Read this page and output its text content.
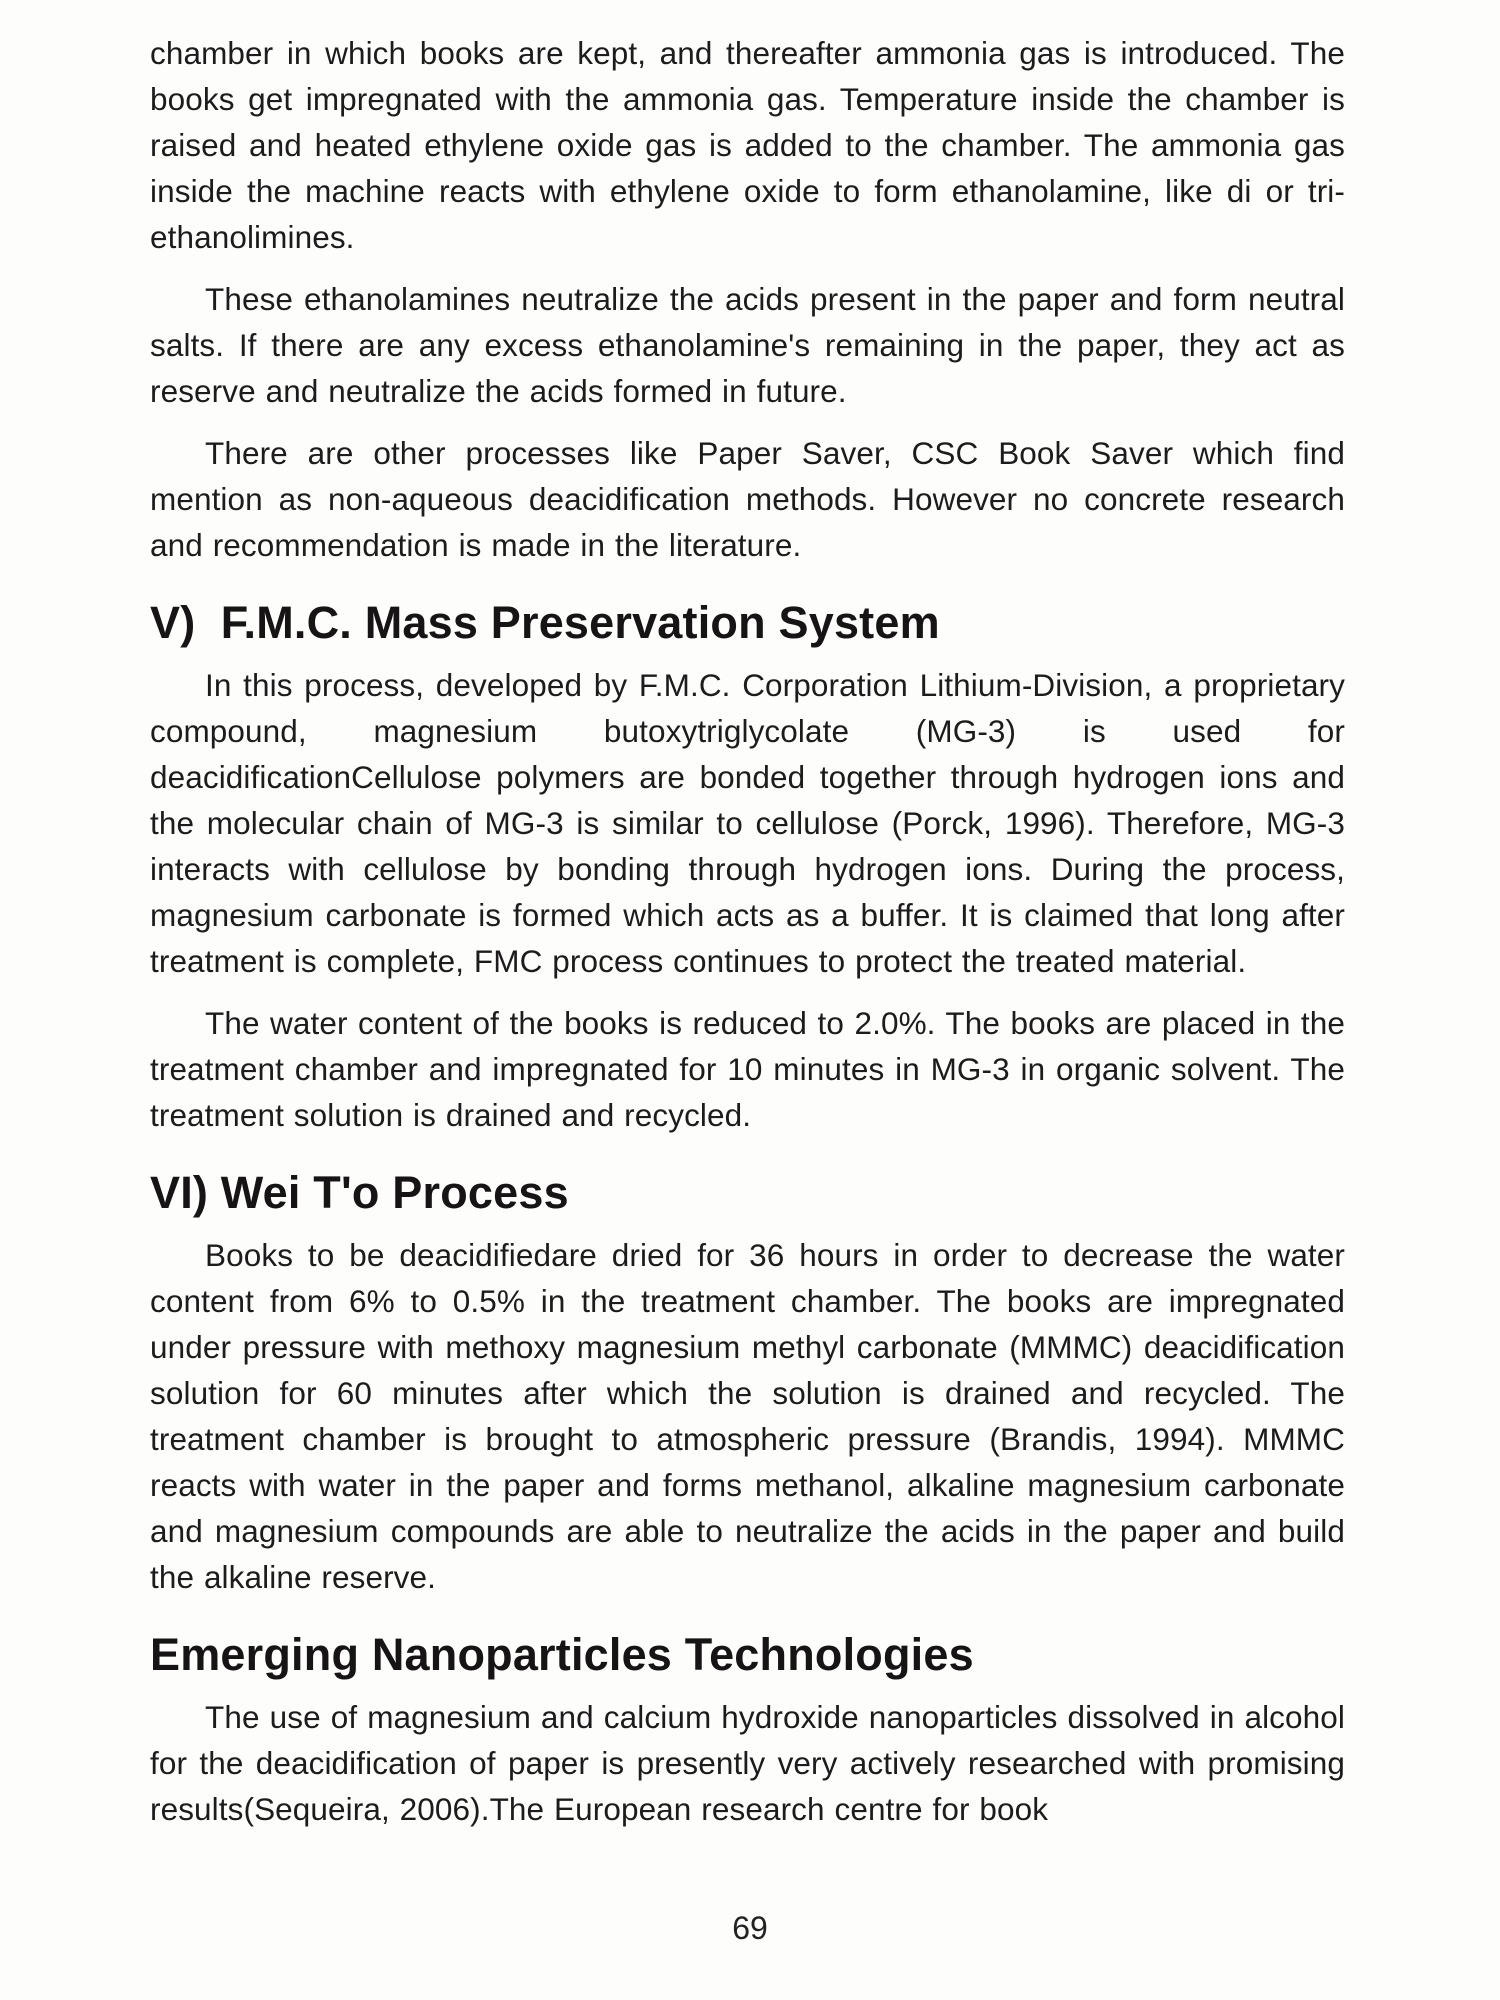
chamber in which books are kept, and thereafter ammonia gas is introduced. The books get impregnated with the ammonia gas. Temperature inside the chamber is raised and heated ethylene oxide gas is added to the chamber. The ammonia gas inside the machine reacts with ethylene oxide to form ethanolamine, like di or tri-ethanolimines.

These ethanolamines neutralize the acids present in the paper and form neutral salts. If there are any excess ethanolamine's remaining in the paper, they act as reserve and neutralize the acids formed in future.

There are other processes like Paper Saver, CSC Book Saver which find mention as non-aqueous deacidification methods. However no concrete research and recommendation is made in the literature.

V)  F.M.C. Mass Preservation System

In this process, developed by F.M.C. Corporation Lithium-Division, a proprietary compound, magnesium butoxytriglycolate (MG-3) is used for deacidificationCellulose polymers are bonded together through hydrogen ions and the molecular chain of MG-3 is similar to cellulose (Porck, 1996). Therefore, MG-3 interacts with cellulose by bonding through hydrogen ions. During the process, magnesium carbonate is formed which acts as a buffer. It is claimed that long after treatment is complete, FMC process continues to protect the treated material.

The water content of the books is reduced to 2.0%. The books are placed in the treatment chamber and impregnated for 10 minutes in MG-3 in organic solvent. The treatment solution is drained and recycled.

VI) Wei T'o Process

Books to be deacidifiedare dried for 36 hours in order to decrease the water content from 6% to 0.5% in the treatment chamber. The books are impregnated under pressure with methoxy magnesium methyl carbonate (MMMC) deacidification solution for 60 minutes after which the solution is drained and recycled. The treatment chamber is brought to atmospheric pressure (Brandis, 1994). MMMC reacts with water in the paper and forms methanol, alkaline magnesium carbonate and magnesium compounds are able to neutralize the acids in the paper and build the alkaline reserve.

Emerging Nanoparticles Technologies

The use of magnesium and calcium hydroxide nanoparticles dissolved in alcohol for the deacidification of paper is presently very actively researched with promising results(Sequeira, 2006).The European research centre for book

69
